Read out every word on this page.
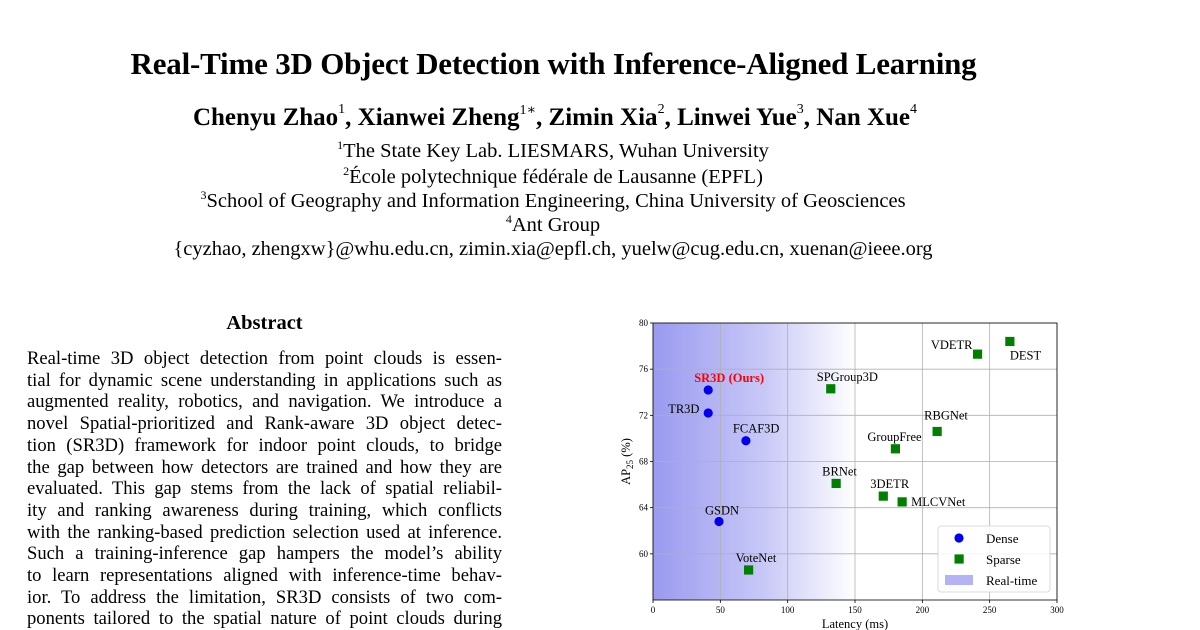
Real-Time 3D Object Detection with Inference-Aligned Learning
Chenyu Zhao$^1$, Xianwei Zheng$^{1∗}$, Zimin Xia$^2$, Linwei Yue$^3$, Nan Xue$^4$
$^1$The State Key Lab. LIESMARS, Wuhan University
$^2$École polytechnique fédérale de Lausanne (EPFL)
$^3$School of Geography and Information Engineering, China University of Geosciences
$^4$Ant Group
{cyzhao, zhengxw}@whu.edu.cn, zimin.xia@epfl.ch, yuelw@cug.edu.cn, xuenan@ieee.org
Abstract
Real-time 3D object detection from point clouds is essen-
tial for dynamic scene understanding in applications such as
augmented reality, robotics, and navigation. We introduce a
novel Spatial-prioritized and Rank-aware 3D object detec-
tion (SR3D) framework for indoor point clouds, to bridge
the gap between how detectors are trained and how they are
evaluated. This gap stems from the lack of spatial reliabil-
ity and ranking awareness during training, which conflicts
with the ranking-based prediction selection used at inference.
Such a training-inference gap hampers the model’s ability
to learn representations aligned with inference-time behav-
ior. To address the limitation, SR3D consists of two com-
ponents tailored to the spatial nature of point clouds during	0	50	100	150	200	250	300
60
64
68
72
76
80
SR3D (Ours)
TR3D
FCAF3D
GSDN
SPGroup3D
VDETR
DEST
RBGNet
GroupFree
BRNet
3DETR
MLCVNet
VoteNet
Latency (ms)
$AP_{25}$ (%)
Dense
Sparse
Real-time
